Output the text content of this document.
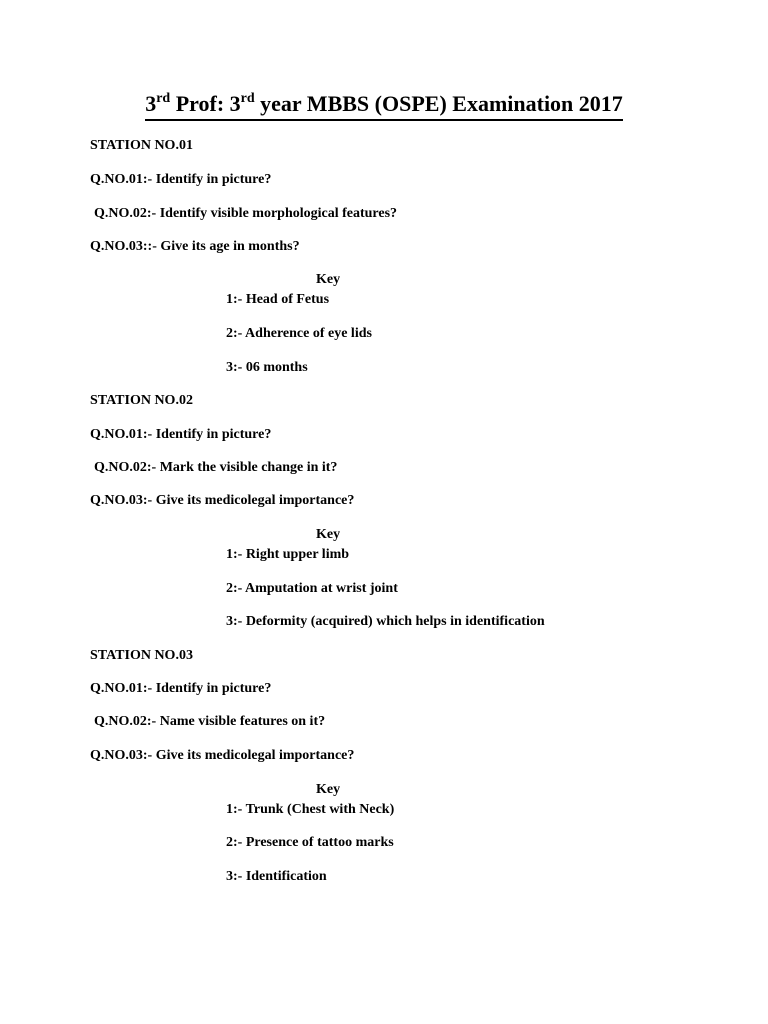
3rd Prof: 3rd year MBBS (OSPE) Examination 2017
STATION NO.01
Q.NO.01:- Identify in picture?
Q.NO.02:- Identify visible morphological features?
Q.NO.03::- Give its age in months?
Key
1:- Head of Fetus
2:- Adherence of eye lids
3:- 06 months
STATION NO.02
Q.NO.01:- Identify in picture?
Q.NO.02:- Mark the visible change in it?
Q.NO.03:- Give its medicolegal importance?
Key
1:- Right upper limb
2:- Amputation at wrist joint
3:- Deformity (acquired) which helps in identification
STATION NO.03
Q.NO.01:- Identify in picture?
Q.NO.02:- Name visible features on it?
Q.NO.03:- Give its medicolegal importance?
Key
1:- Trunk (Chest with Neck)
2:- Presence of tattoo marks
3:- Identification
